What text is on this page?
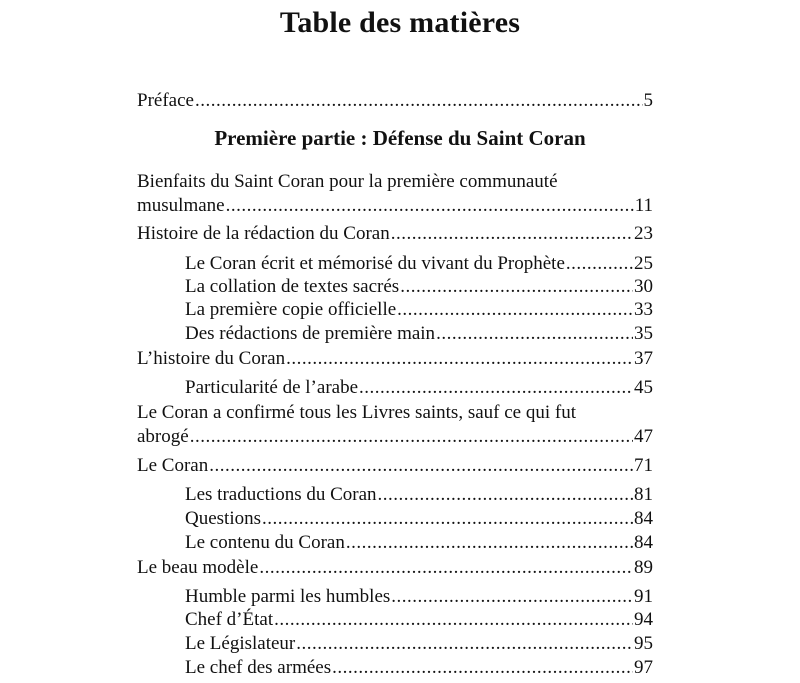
Table des matières
Première partie : Défense du Saint Coran
Préface .....	5
Bienfaits du Saint Coran pour la première communauté
musulmane .....	11
Histoire de la rédaction du Coran .....	23
Le Coran écrit et mémorisé du vivant du Prophète .....	25
La collation de textes sacrés .....	30
La première copie officielle .....	33
Des rédactions de première main .....	35
L’histoire du Coran .....	37
Particularité de l’arabe .....	45
Le Coran a confirmé tous les Livres saints, sauf ce qui fut
abrogé .....	47
Le Coran .....	71
Les traductions du Coran .....	81
Questions .....	84
Le contenu du Coran .....	84
Le beau modèle .....	89
Humble parmi les humbles .....	91
Chef d’État .....	94
Le Législateur .....	95
Le chef des armées .....	97
